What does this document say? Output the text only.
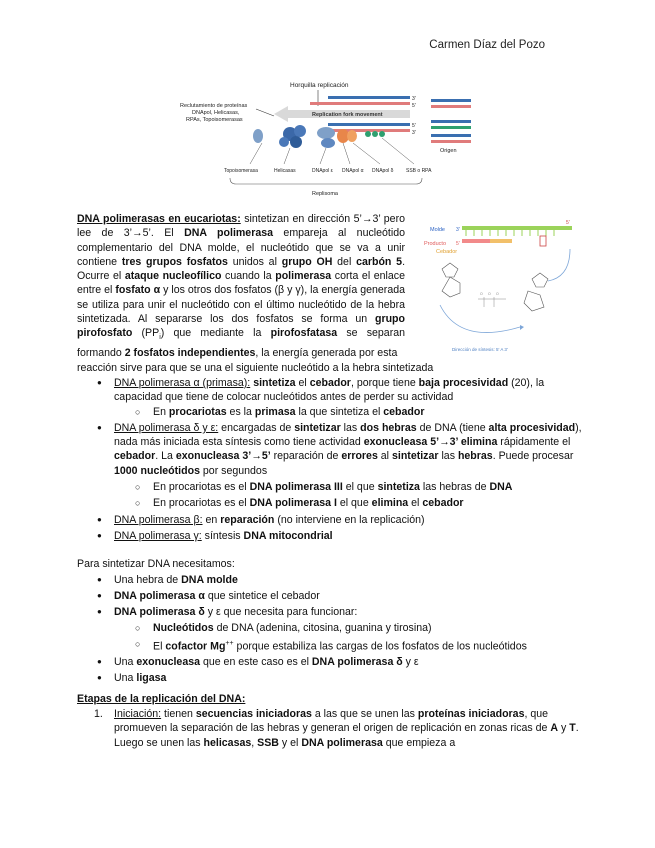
Carmen Díaz del Pozo
Horquilla replicación
Reclutamiento de proteínas
DNApol, Helicasas,
RPAs, Topoisomerasas
Replication fork movement
3'
5'
5'
3'
Origen
Topoisomerasa	Helicasas	DNApol ε DNApol α DNApol δ	SSB o RPA
Replisoma
Molde 3'
5'
Producto 5'
Cebador
O O O
Dirección de síntesis: 5' A 3'
DNA polimerasas en eucariotas: sintetizan en dirección 5’→3’ pero lee de 3’→5’. El DNA polimerasa empareja al nucleótido complementario del DNA molde, el nucleótido que se va a unir contiene tres grupos fosfatos unidos al grupo OH del carbón 5. Ocurre el ataque nucleofílico cuando la polimerasa corta el enlace entre el fosfato α y los otros dos fosfatos (β y γ), la energía generada se utiliza para unir el nucleótido con el último nucleótido de la hebra sintetizada. Al separarse los dos fosfatos se forma un grupo pirofosfato $(PP_i)$ que mediante la pirofosfatasa se separan formando 2 fosfatos independientes, la energía generada por esta
reacción sirve para que se una el siguiente nucleótido a la hebra sintetizada
● DNA polimerasa α (primasa): sintetiza el cebador, porque tiene baja procesividad (20), la capacidad que tiene de colocar nucleótidos antes de perder su actividad
○ En procariotas es la primasa la que sintetiza el cebador
● DNA polimerasa δ y ε: encargadas de sintetizar las dos hebras de DNA (tiene alta procesividad), nada más iniciada esta síntesis como tiene actividad exonucleasa 5’→3’ elimina rápidamente el cebador. La exonucleasa 3’→5’ reparación de errores al sintetizar las hebras. Puede procesar 1000 nucleótidos por segundos
○ En procariotas es el DNA polimerasa III el que sintetiza las hebras de DNA
○ En procariotas es el DNA polimerasa I el que elimina el cebador
● DNA polimerasa β: en reparación (no interviene en la replicación)
● DNA polimerasa γ: síntesis DNA mitocondrial
Para sintetizar DNA necesitamos:
● Una hebra de DNA molde
● DNA polimerasa α que sintetice el cebador
● DNA polimerasa δ y ε que necesita para funcionar:
○ Nucleótidos de DNA (adenina, citosina, guanina y tirosina)
○ El cofactor Mg++ porque estabiliza las cargas de los fosfatos de los nucleótidos
● Una exonucleasa que en este caso es el DNA polimerasa δ y ε
● Una ligasa
Etapas de la replicación del DNA:
1. Iniciación: tienen secuencias iniciadoras a las que se unen las proteínas iniciadoras, que promueven la separación de las hebras y generan el origen de replicación en zonas ricas de A y T. Luego se unen las helicasas, SSB y el DNA polimerasa que empieza a
